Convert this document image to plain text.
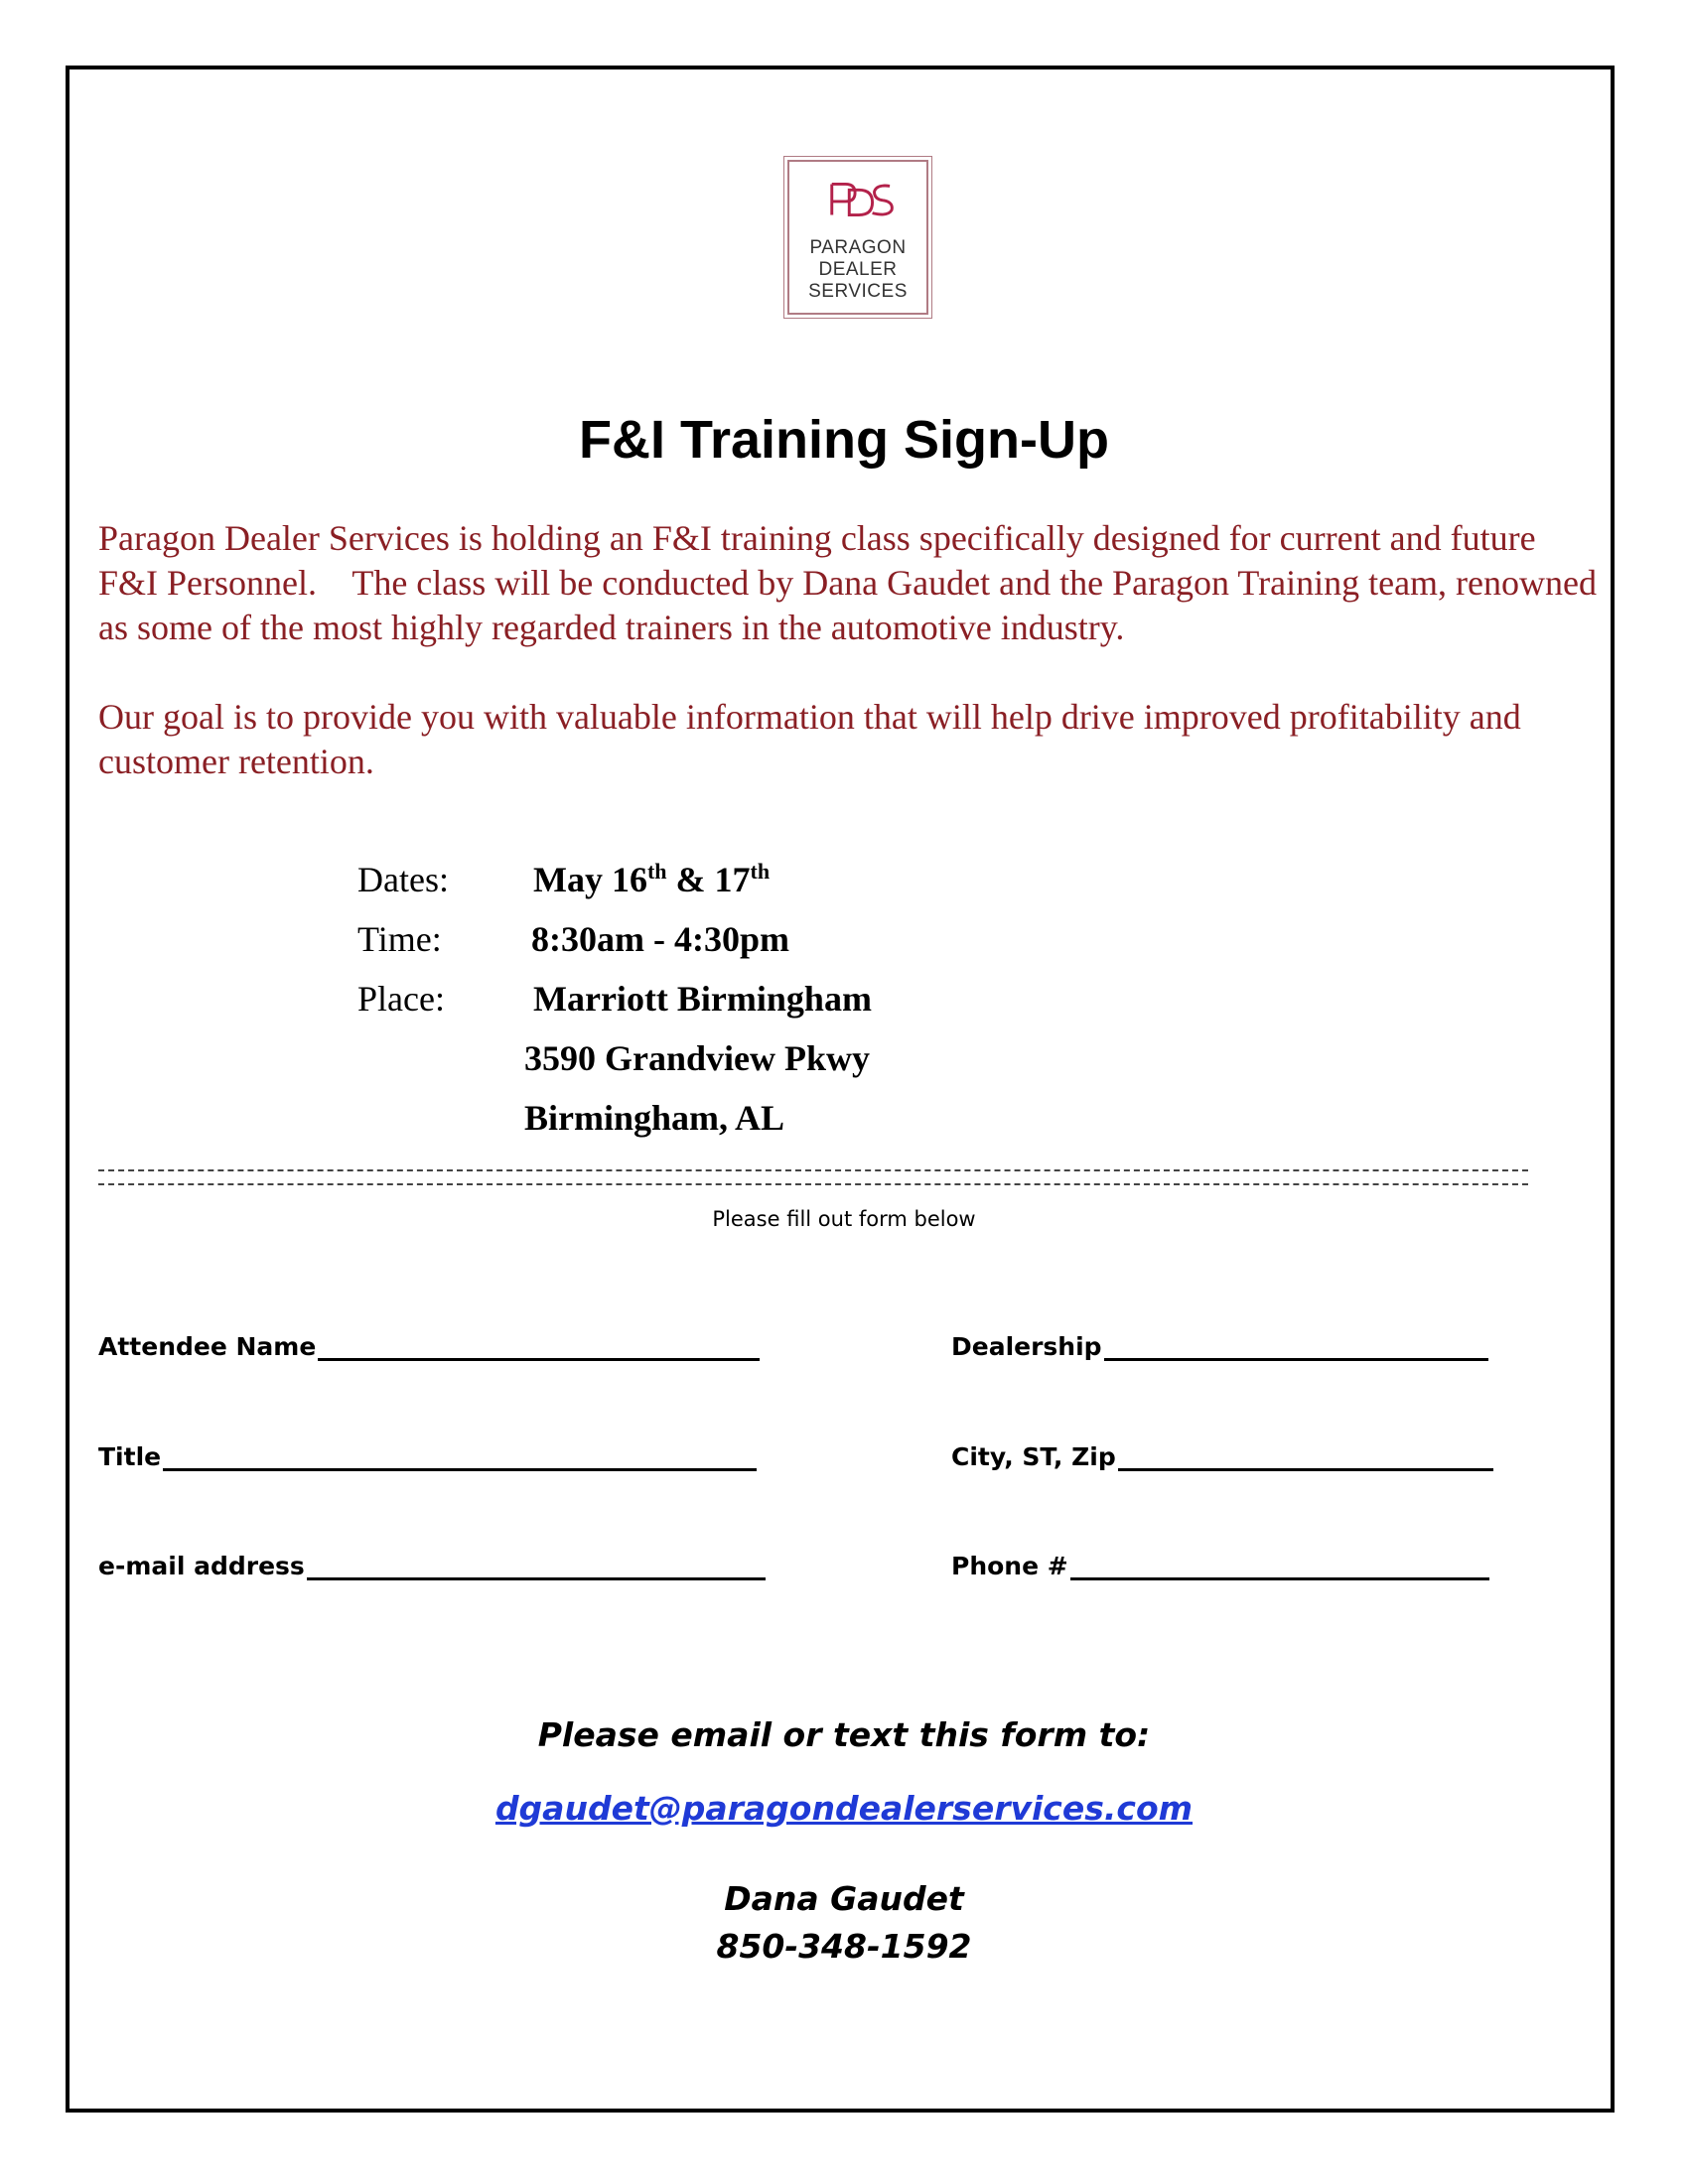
PARAGON
DEALER
SERVICES
F&I Training Sign-Up

Paragon Dealer Services is holding an F&I training class specifically designed for current and future F&I Personnel.    The class will be conducted by Dana Gaudet and the Paragon Training team, renowned as some of the most highly regarded trainers in the automotive industry.

Our goal is to provide you with valuable information that will help drive improved profitability and customer retention.

Dates: May 16th & 17th
Time:	8:30am - 4:30pm
Place: Marriott Birmingham
3590 Grandview Pkwy
Birmingham, AL
Please fill out form below
Attendee Name	Dealership
Title	City, ST, Zip
e-mail address	Phone #
Please email or text this form to:
dgaudet@paragondealerservices.com
Dana Gaudet
850-348-1592
